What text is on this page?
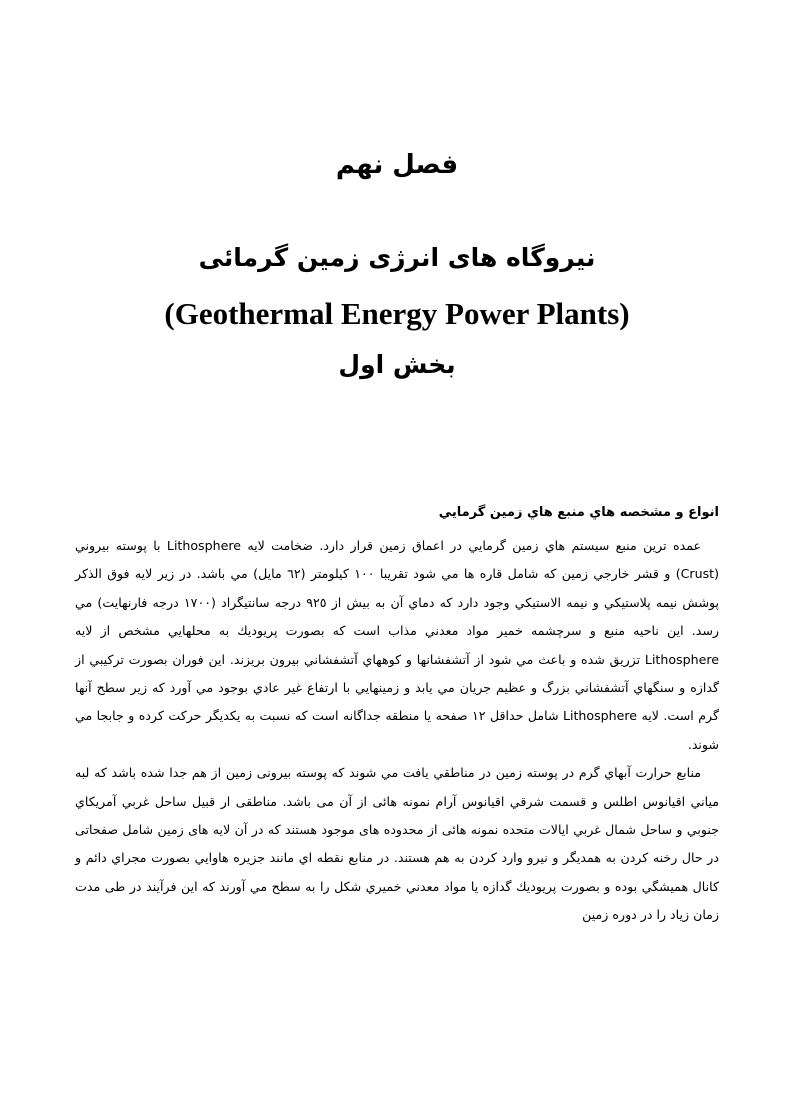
فصل نهم
نيروگاه های انرژی زمين گرمائی
(Geothermal Energy Power Plants)
بخش اول
انواع و مشخصه هاي منبع هاي زمين گرمايي

عمده ترين منبع سيستم هاي زمين گرمايي در اعماق زمين قرار دارد. ضخامت لايه Lithosphere با پوسته بيروني (Crust) و قشر خارجي زمين كه شامل قاره ها مي شود تقريبا ١٠٠ كيلومتر (٦٢ مايل) مي باشد. در زير لايه فوق الذكر پوشش نيمه پلاستيكي و نيمه الاستيكي وجود دارد كه دماي آن به بيش از ٩٢٥ درجه سانتيگراد (١٧٠٠ درجه فارنهايت) مي رسد. اين ناحيه منبع و سرچشمه خمير مواد معدني مذاب است كه بصورت پريوديك به محلهايي مشخص از لايه Lithosphere تزريق شده و باعث مي شود از آتشفشانها و كوههاي آتشفشاني بيرون بريزند. اين فوران بصورت تركيبي از گدازه و سنگهاي آتشفشاني بزرگ و عظيم جريان مي يابد و زمينهايي با ارتفاع غير عادي بوجود مي آورد كه زير سطح آنها گرم است. لايه Lithosphere شامل حداقل ١٢ صفحه يا منطقه جداگانه است كه نسبت به يكديگر حركت كرده و جابجا مي شوند.

منابع حرارت آبهاي گرم در پوسته زمين در مناطقي يافت مي شوند كه پوسته بيرونی زمين از هم جدا شده باشد كه لبه مياني اقيانوس اطلس و قسمت شرقي اقيانوس آرام نمونه هائی از آن می باشد. مناطقی ار قبيل ساحل غربي آمريكاي جنوبي و ساحل شمال غربي ايالات متحده نمونه هائی از محدوده های موجود هستند كه در آن لايه های زمين شامل صفحاتی در حال رخنه كردن به همديگر و نيرو وارد كردن به هم هستند. در منابع نقطه اي مانند جزيره هاوايي بصورت مجراي دائم و كانال هميشگي بوده و بصورت پريوديك گدازه يا مواد معدني خميري شكل را به سطح مي آورند كه اين فرآيند در طی مدت زمان زياد را در دوره زمين
